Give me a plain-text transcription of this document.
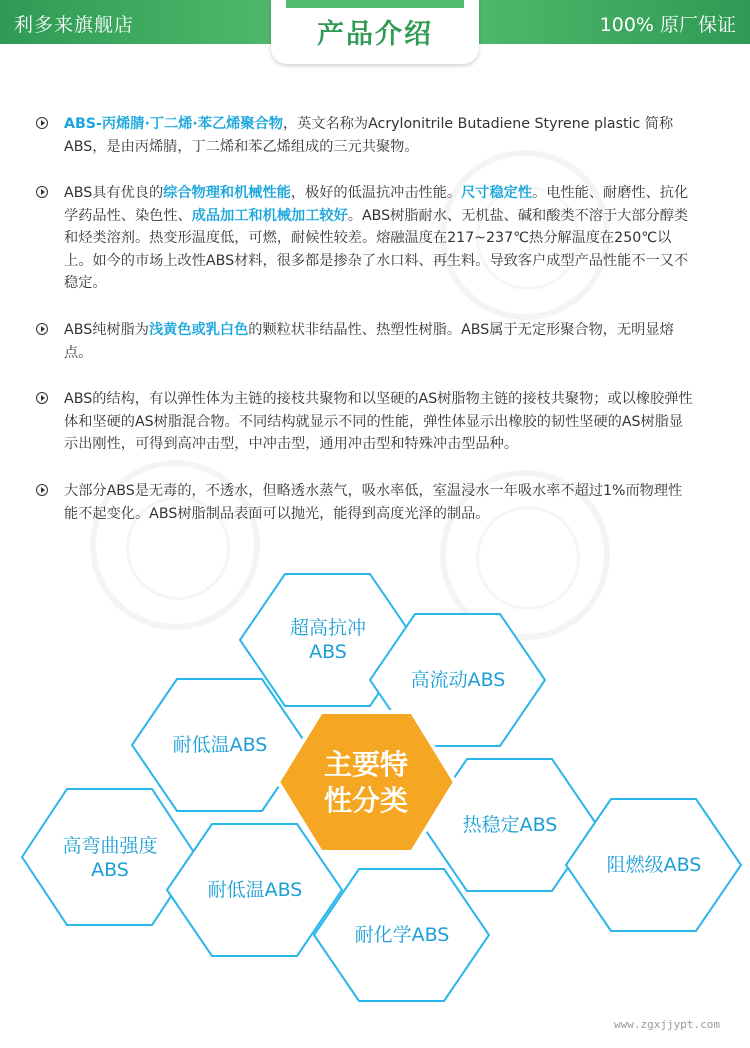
利多来旗舰店	产品介绍	100% 原厂保证
ABS-丙烯腈·丁二烯·苯乙烯聚合物，英文名称为Acrylonitrile Butadiene Styrene plastic 简称ABS，是由丙烯腈，丁二烯和苯乙烯组成的三元共聚物。
ABS具有优良的综合物理和机械性能，极好的低温抗冲击性能。尺寸稳定性。电性能、耐磨性、抗化学药品性、染色性、成品加工和机械加工较好。ABS树脂耐水、无机盐、碱和酸类不溶于大部分醇类和烃类溶剂。热变形温度低，可燃，耐候性较差。熔融温度在217~237℃热分解温度在250℃以上。如今的市场上改性ABS材料，很多都是掺杂了水口料、再生料。导致客户成型产品性能不一又不稳定。
ABS纯树脂为浅黄色或乳白色的颗粒状非结晶性、热塑性树脂。ABS属于无定形聚合物，无明显熔点。
ABS的结构，有以弹性体为主链的接枝共聚物和以坚硬的AS树脂物主链的接枝共聚物；或以橡胶弹性体和坚硬的AS树脂混合物。不同结构就显示不同的性能，弹性体显示出橡胶的韧性坚硬的AS树脂显示出刚性，可得到高冲击型，中冲击型，通用冲击型和特殊冲击型品种。
大部分ABS是无毒的，不透水，但略透水蒸气，吸水率低，室温浸水一年吸水率不超过1%而物理性能不起变化。ABS树脂制品表面可以抛光，能得到高度光泽的制品。
主要特
性分类
超高抗冲
ABS
高流动ABS
耐低温ABS
热稳定ABS
高弯曲强度
ABS
耐低温ABS
耐化学ABS
阻燃级ABS
www.zgxjjypt.com
